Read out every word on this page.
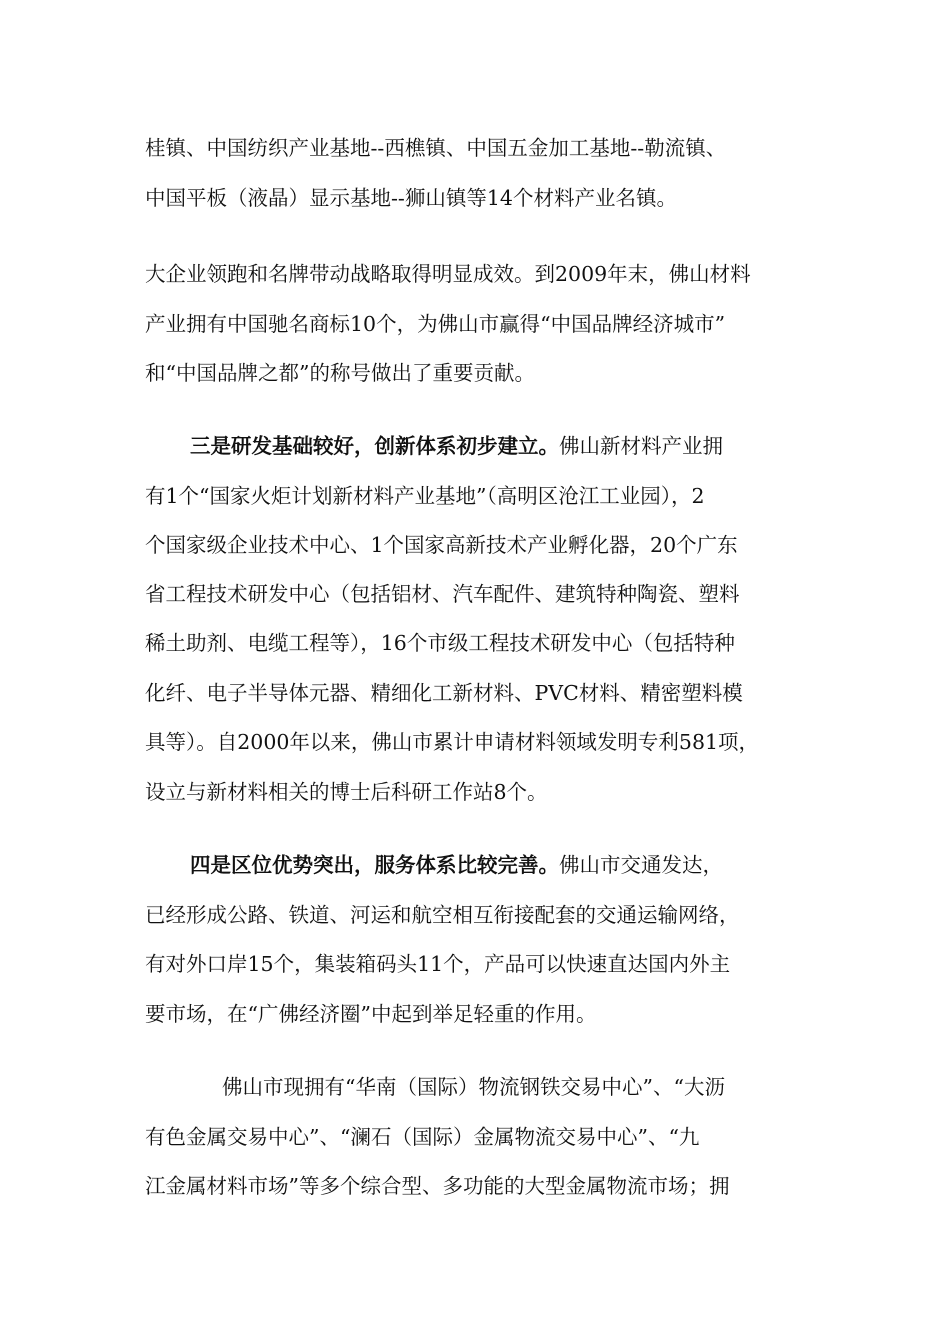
桂镇、中国纺织产业基地--西樵镇、中国五金加工基地--勒流镇、
中国平板（液晶）显示基地--狮山镇等14个材料产业名镇。
大企业领跑和名牌带动战略取得明显成效。到2009年末，佛山材料
产业拥有中国驰名商标10个，为佛山市赢得“中国品牌经济城市”
和“中国品牌之都”的称号做出了重要贡献。
三是研发基础较好，创新体系初步建立。佛山新材料产业拥
有1个“国家火炬计划新材料产业基地”（高明区沧江工业园），2
个国家级企业技术中心、1个国家高新技术产业孵化器，20个广东
省工程技术研发中心（包括铝材、汽车配件、建筑特种陶瓷、塑料
稀土助剂、电缆工程等），16个市级工程技术研发中心（包括特种
化纤、电子半导体元器、精细化工新材料、PVC材料、精密塑料模
具等）。自2000年以来，佛山市累计申请材料领域发明专利581项，
设立与新材料相关的博士后科研工作站8个。
四是区位优势突出，服务体系比较完善。佛山市交通发达，
已经形成公路、铁道、河运和航空相互衔接配套的交通运输网络，
有对外口岸15个，集装箱码头11个，产品可以快速直达国内外主
要市场，在“广佛经济圈”中起到举足轻重的作用。
佛山市现拥有“华南（国际）物流钢铁交易中心”、“大沥
有色金属交易中心”、“澜石（国际）金属物流交易中心”、“九
江金属材料市场”等多个综合型、多功能的大型金属物流市场；拥
